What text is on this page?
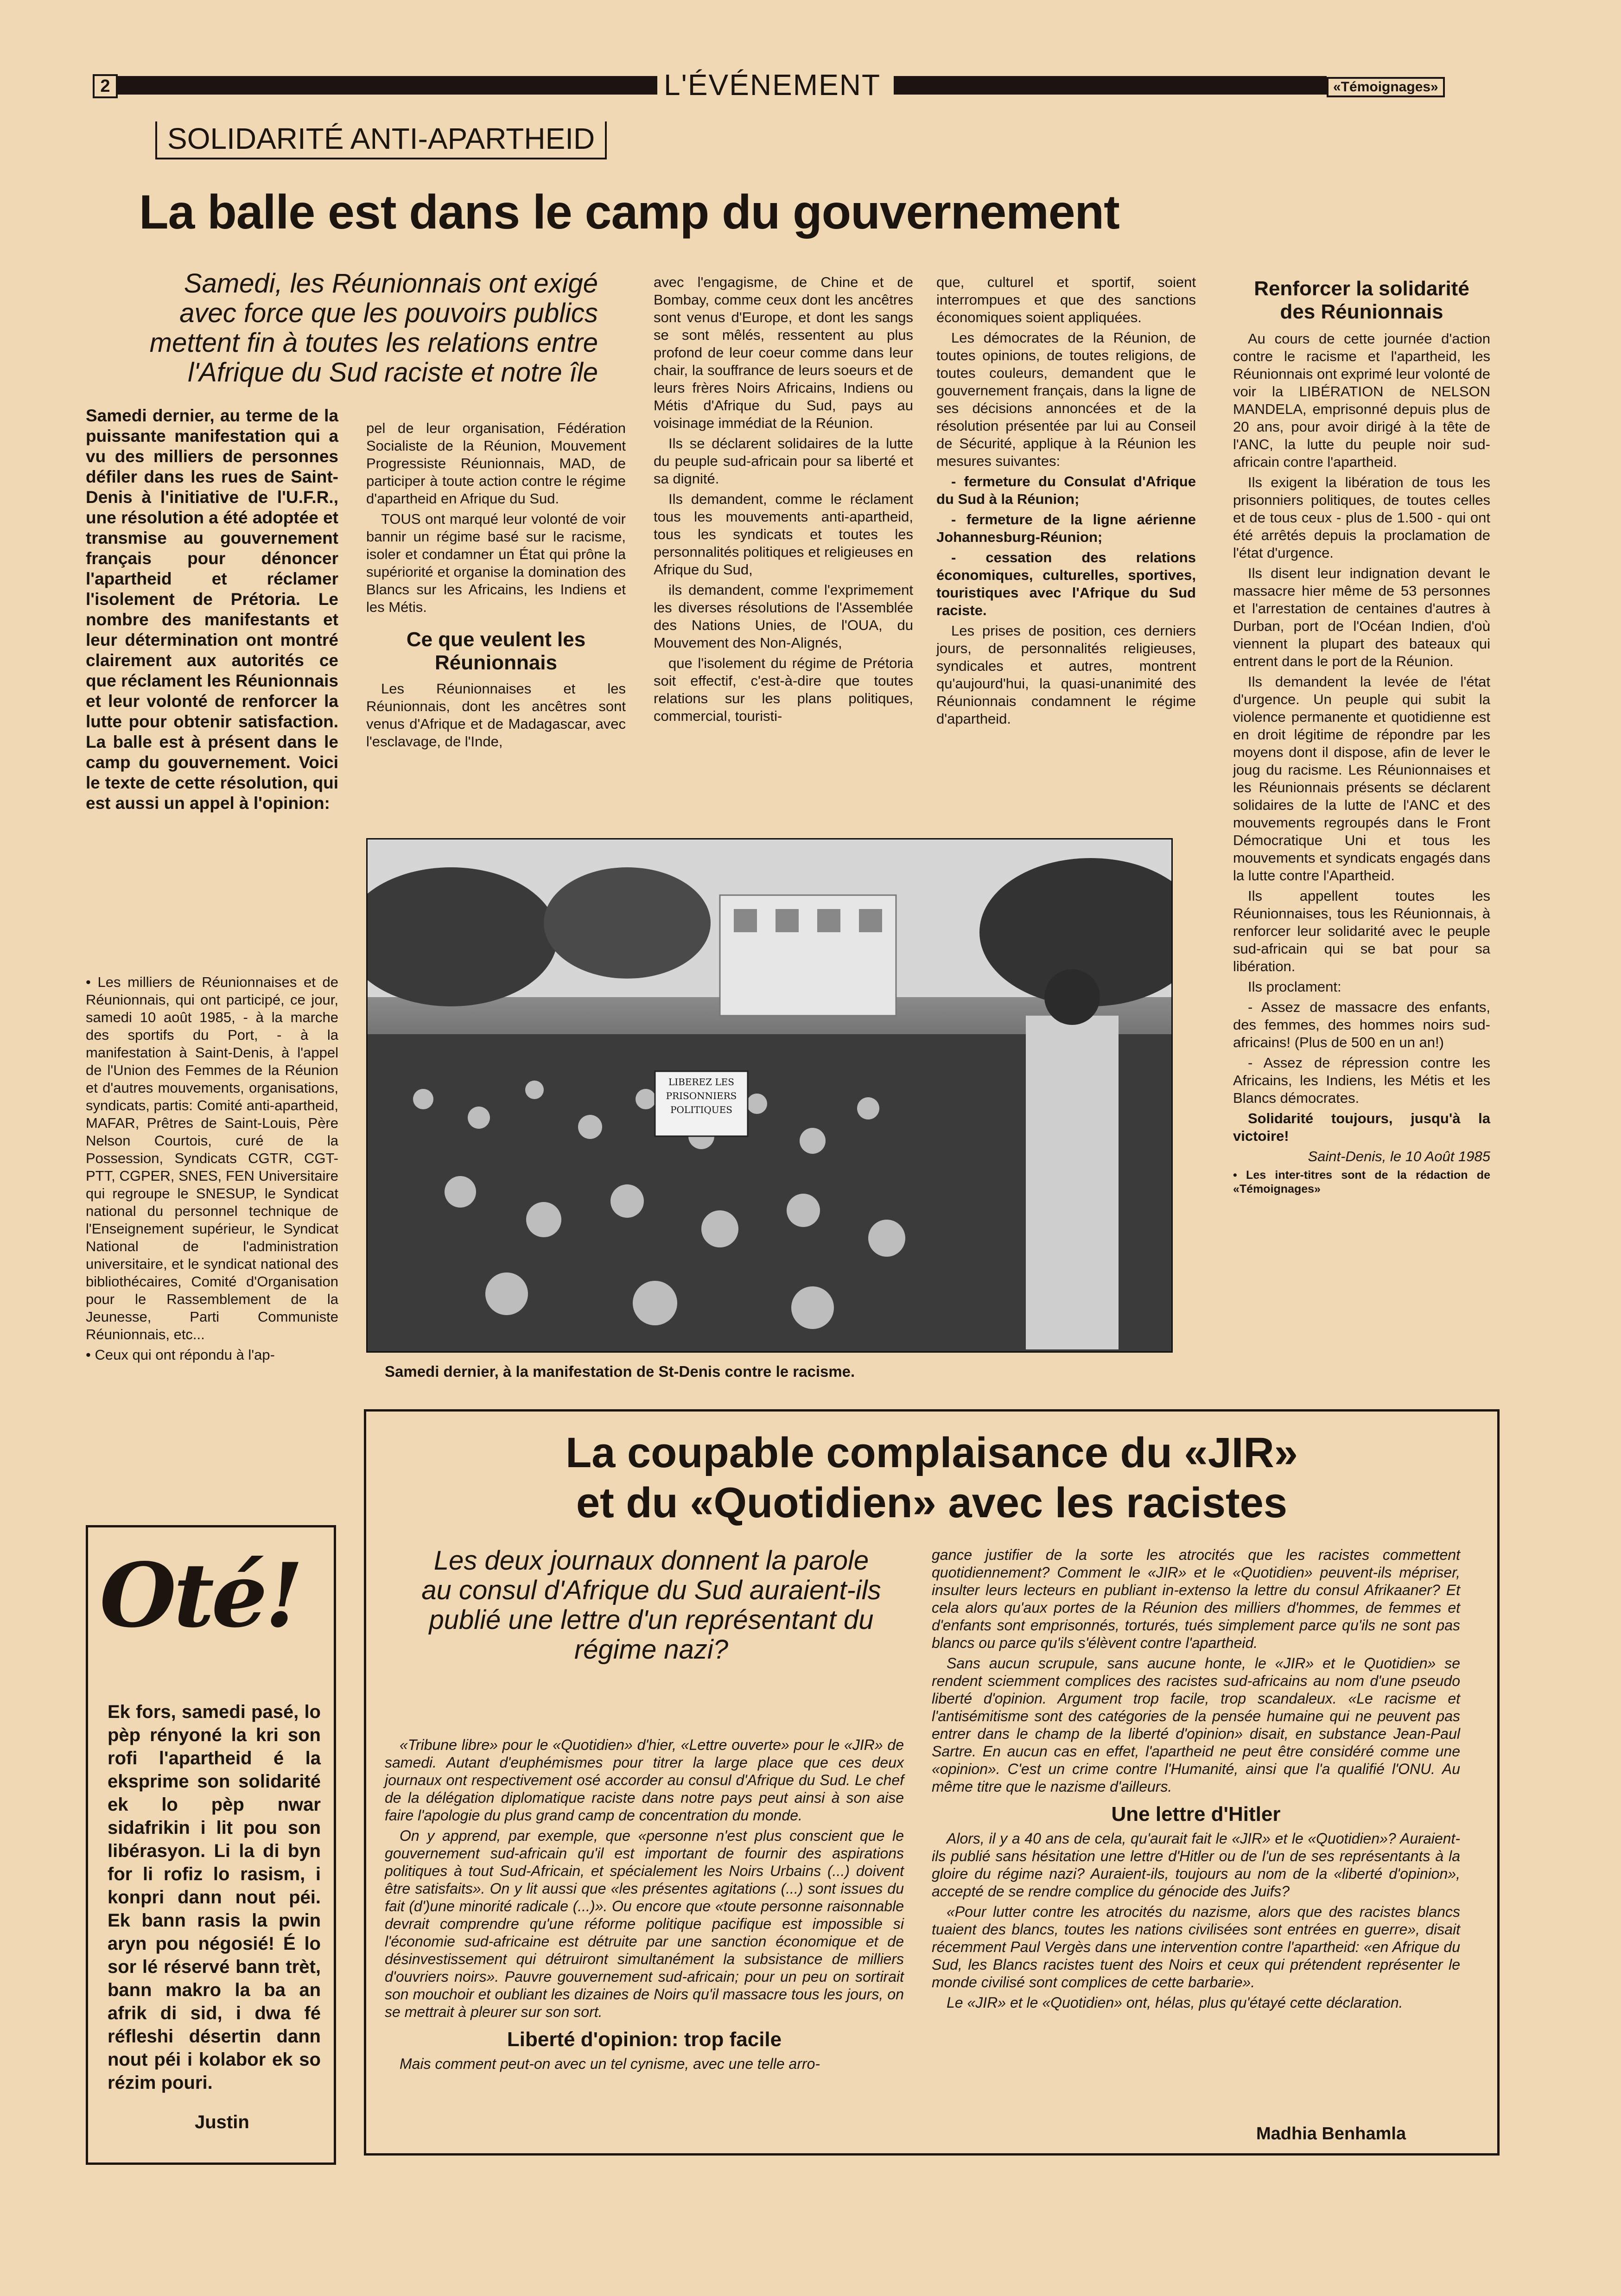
2	L'ÉVÉNEMENT	«Témoignages»
SOLIDARITÉ ANTI-APARTHEID
La balle est dans le camp du gouvernement
Samedi, les Réunionnais ont exigé avec force que les pouvoirs publics mettent fin à toutes les relations entre l'Afrique du Sud raciste et notre île
Samedi dernier, au terme de la puissante manifestation qui a vu des milliers de personnes défiler dans les rues de Saint-Denis à l'initiative de l'U.F.R., une résolution a été adoptée et transmise au gouvernement français pour dénoncer l'apartheid et réclamer l'isolement de Prétoria. Le nombre des manifestants et leur détermination ont montré clairement aux autorités ce que réclament les Réunionnais et leur volonté de renforcer la lutte pour obtenir satisfaction. La balle est à présent dans le camp du gouvernement. Voici le texte de cette résolution, qui est aussi un appel à l'opinion:

• Les milliers de Réunionnaises et de Réunionnais, qui ont participé, ce jour, samedi 10 août 1985, - à la marche des sportifs du Port, - à la manifestation à Saint-Denis, à l'appel de l'Union des Femmes de la Réunion et d'autres mouvements, organisations, syndicats, partis: Comité anti-apartheid, MAFAR, Prêtres de Saint-Louis, Père Nelson Courtois, curé de la Possession, Syndicats CGTR, CGT-PTT, CGPER, SNES, FEN Universitaire qui regroupe le SNESUP, le Syndicat national du personnel technique de l'Enseignement supérieur, le Syndicat National de l'administration universitaire, et le syndicat national des bibliothécaires, Comité d'Organisation pour le Rassemblement de la Jeunesse, Parti Communiste Réunionnais, etc...

• Ceux qui ont répondu à l'ap-

pel de leur organisation, Fédération Socialiste de la Réunion, Mouvement Progressiste Réunionnais, MAD, de participer à toute action contre le régime d'apartheid en Afrique du Sud.

TOUS ont marqué leur volonté de voir bannir un régime basé sur le racisme, isoler et condamner un État qui prône la supériorité et organise la domination des Blancs sur les Africains, les Indiens et les Métis.

Ce que veulent les Réunionnais

Les Réunionnaises et les Réunionnais, dont les ancêtres sont venus d'Afrique et de Madagascar, avec l'esclavage, de l'Inde,

avec l'engagisme, de Chine et de Bombay, comme ceux dont les ancêtres sont venus d'Europe, et dont les sangs se sont mêlés, ressentent au plus profond de leur coeur comme dans leur chair, la souffrance de leurs soeurs et de leurs frères Noirs Africains, Indiens ou Métis d'Afrique du Sud, pays au voisinage immédiat de la Réunion.

Ils se déclarent solidaires de la lutte du peuple sud-africain pour sa liberté et sa dignité.

Ils demandent, comme le réclament tous les mouvements anti-apartheid, tous les syndicats et toutes les personnalités politiques et religieuses en Afrique du Sud,

ils demandent, comme l'exprimement les diverses résolutions de l'Assemblée des Nations Unies, de l'OUA, du Mouvement des Non-Alignés,

que l'isolement du régime de Prétoria soit effectif, c'est-à-dire que toutes relations sur les plans politiques, commercial, touristi-

que, culturel et sportif, soient interrompues et que des sanctions économiques soient appliquées.

Les démocrates de la Réunion, de toutes opinions, de toutes religions, de toutes couleurs, demandent que le gouvernement français, dans la ligne de ses décisions annoncées et de la résolution présentée par lui au Conseil de Sécurité, applique à la Réunion les mesures suivantes:

- fermeture du Consulat d'Afrique du Sud à la Réunion;

- fermeture de la ligne aérienne Johannesburg-Réunion;

- cessation des relations économiques, culturelles, sportives, touristiques avec l'Afrique du Sud raciste.

Les prises de position, ces derniers jours, de personnalités religieuses, syndicales et autres, montrent qu'aujourd'hui, la quasi-unanimité des Réunionnais condamnent le régime d'apartheid.

Renforcer la solidarité des Réunionnais

Au cours de cette journée d'action contre le racisme et l'apartheid, les Réunionnais ont exprimé leur volonté de voir la LIBÉRATION de NELSON MANDELA, emprisonné depuis plus de 20 ans, pour avoir dirigé à la tête de l'ANC, la lutte du peuple noir sud-africain contre l'apartheid.

Ils exigent la libération de tous les prisonniers politiques, de toutes celles et de tous ceux - plus de 1.500 - qui ont été arrêtés depuis la proclamation de l'état d'urgence.

Ils disent leur indignation devant le massacre hier même de 53 personnes et l'arrestation de centaines d'autres à Durban, port de l'Océan Indien, d'où viennent la plupart des bateaux qui entrent dans le port de la Réunion.

Ils demandent la levée de l'état d'urgence. Un peuple qui subit la violence permanente et quotidienne est en droit légitime de répondre par les moyens dont il dispose, afin de lever le joug du racisme. Les Réunionnaises et les Réunionnais présents se déclarent solidaires de la lutte de l'ANC et des mouvements regroupés dans le Front Démocratique Uni et tous les mouvements et syndicats engagés dans la lutte contre l'Apartheid.

Ils appellent toutes les Réunionnaises, tous les Réunionnais, à renforcer leur solidarité avec le peuple sud-africain qui se bat pour sa libération.

Ils proclament:

- Assez de massacre des enfants, des femmes, des hommes noirs sud-africains! (Plus de 500 en un an!)

- Assez de répression contre les Africains, les Indiens, les Métis et les Blancs démocrates.

Solidarité toujours, jusqu'à la victoire!

Saint-Denis, le 10 Août 1985

• Les inter-titres sont de la rédaction de «Témoignages»

LIBEREZ LES PRISONNIERS POLITIQUES
Samedi dernier, à la manifestation de St-Denis contre le racisme.
La coupable complaisance du «JIR»
et du «Quotidien» avec les racistes
Les deux journaux donnent la parole au consul d'Afrique du Sud auraient-ils publié une lettre d'un représentant du régime nazi?

«Tribune libre» pour le «Quotidien» d'hier, «Lettre ouverte» pour le «JIR» de samedi. Autant d'euphémismes pour titrer la large place que ces deux journaux ont respectivement osé accorder au consul d'Afrique du Sud. Le chef de la délégation diplomatique raciste dans notre pays peut ainsi à son aise faire l'apologie du plus grand camp de concentration du monde.

On y apprend, par exemple, que «personne n'est plus conscient que le gouvernement sud-africain qu'il est important de fournir des aspirations politiques à tout Sud-Africain, et spécialement les Noirs Urbains (...) doivent être satisfaits». On y lit aussi que «les présentes agitations (...) sont issues du fait (d')une minorité radicale (...)». Ou encore que «toute personne raisonnable devrait comprendre qu'une réforme politique pacifique est impossible si l'économie sud-africaine est détruite par une sanction économique et de désinvestissement qui détruiront simultanément la subsistance de milliers d'ouvriers noirs». Pauvre gouvernement sud-africain; pour un peu on sortirait son mouchoir et oubliant les dizaines de Noirs qu'il massacre tous les jours, on se mettrait à pleurer sur son sort.

Liberté d'opinion: trop facile

Mais comment peut-on avec un tel cynisme, avec une telle arro-

gance justifier de la sorte les atrocités que les racistes commettent quotidiennement? Comment le «JIR» et le «Quotidien» peuvent-ils mépriser, insulter leurs lecteurs en publiant in-extenso la lettre du consul Afrikaaner? Et cela alors qu'aux portes de la Réunion des milliers d'hommes, de femmes et d'enfants sont emprisonnés, torturés, tués simplement parce qu'ils ne sont pas blancs ou parce qu'ils s'élèvent contre l'apartheid.

Sans aucun scrupule, sans aucune honte, le «JIR» et le Quotidien» se rendent sciemment complices des racistes sud-africains au nom d'une pseudo liberté d'opinion. Argument trop facile, trop scandaleux. «Le racisme et l'antisémitisme sont des catégories de la pensée humaine qui ne peuvent pas entrer dans le champ de la liberté d'opinion» disait, en substance Jean-Paul Sartre. En aucun cas en effet, l'apartheid ne peut être considéré comme une «opinion». C'est un crime contre l'Humanité, ainsi que l'a qualifié l'ONU. Au même titre que le nazisme d'ailleurs.

Une lettre d'Hitler

Alors, il y a 40 ans de cela, qu'aurait fait le «JIR» et le «Quotidien»? Auraient-ils publié sans hésitation une lettre d'Hitler ou de l'un de ses représentants à la gloire du régime nazi? Auraient-ils, toujours au nom de la «liberté d'opinion», accepté de se rendre complice du génocide des Juifs?

«Pour lutter contre les atrocités du nazisme, alors que des racistes blancs tuaient des blancs, toutes les nations civilisées sont entrées en guerre», disait récemment Paul Vergès dans une intervention contre l'apartheid: «en Afrique du Sud, les Blancs racistes tuent des Noirs et ceux qui prétendent représenter le monde civilisé sont complices de cette barbarie».

Le «JIR» et le «Quotidien» ont, hélas, plus qu'étayé cette déclaration.

Madhia Benhamla
Oté!
Ek fors, samedi pasé, lo pèp rényoné la kri son rofi l'apartheid é la eksprime son solidarité ek lo pèp nwar sidafrikin i lit pou son libérasyon. Li la di byn for li rofiz lo rasism, i konpri dann nout péi. Ek bann rasis la pwin aryn pou négosié! É lo sor lé réservé bann trèt, bann makro la ba an afrik di sid, i dwa fé réfleshi désertin dann nout péi i kolabor ek so rézim pouri.
Justin
